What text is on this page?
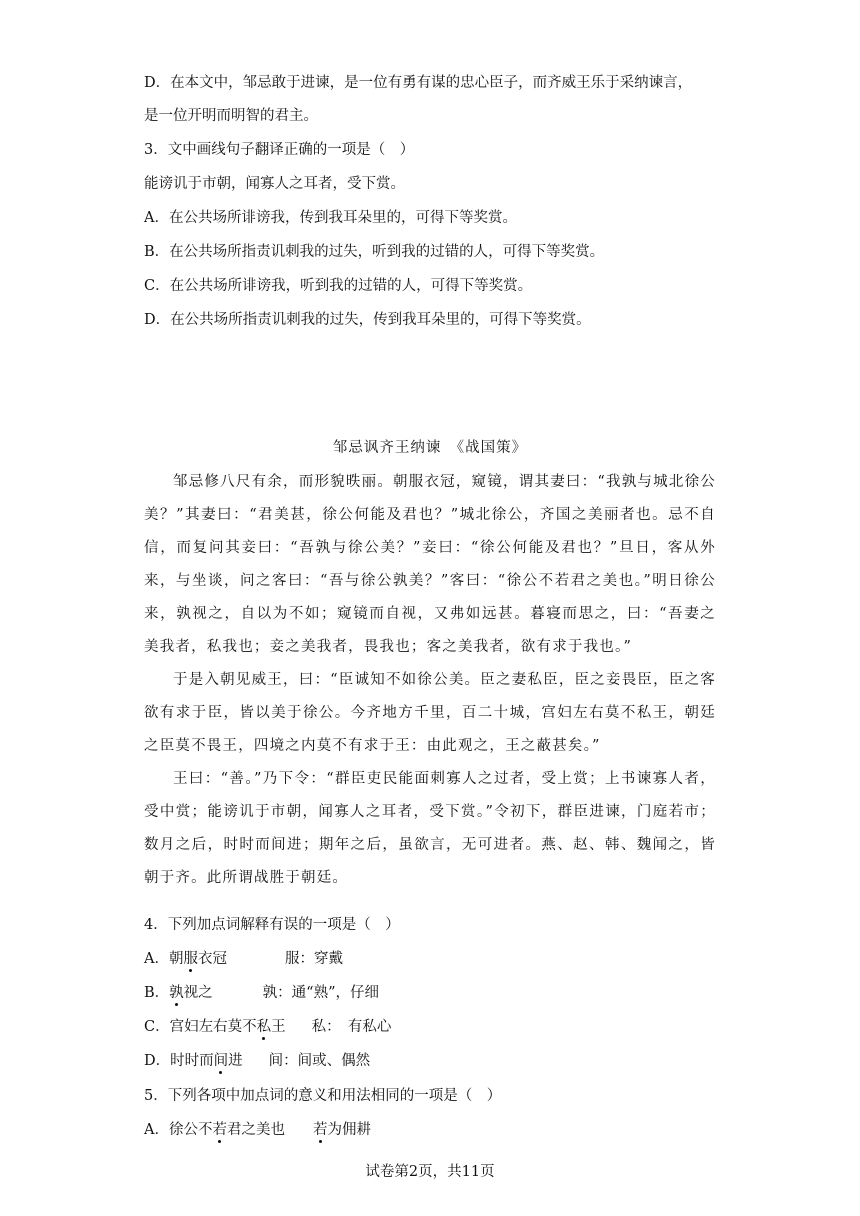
D．在本文中，邹忌敢于进谏，是一位有勇有谋的忠心臣子，而齐威王乐于采纳谏言，
是一位开明而明智的君主。
3．文中画线句子翻译正确的一项是（　）
能谤讥于市朝，闻寡人之耳者，受下赏。
A．在公共场所诽谤我，传到我耳朵里的，可得下等奖赏。
B．在公共场所指责讥刺我的过失，听到我的过错的人，可得下等奖赏。
C．在公共场所诽谤我，听到我的过错的人，可得下等奖赏。
D．在公共场所指责讥刺我的过失，传到我耳朵里的，可得下等奖赏。
邹忌讽齐王纳谏　《战国策》

邹忌修八尺有余，而形貌昳丽。朝服衣冠，窥镜，谓其妻曰：“我孰与城北徐公美？”其妻曰：“君美甚，徐公何能及君也？”城北徐公，齐国之美丽者也。忌不自信，而复问其妾曰：“吾孰与徐公美？”妾曰：“徐公何能及君也？”旦日，客从外来，与坐谈，问之客曰：“吾与徐公孰美？”客曰：“徐公不若君之美也。”明日徐公来，孰视之，自以为不如；窥镜而自视，又弗如远甚。暮寝而思之，曰：“吾妻之美我者，私我也；妾之美我者，畏我也；客之美我者，欲有求于我也。”

于是入朝见威王，曰：“臣诚知不如徐公美。臣之妻私臣，臣之妾畏臣，臣之客欲有求于臣，皆以美于徐公。今齐地方千里，百二十城，宫妇左右莫不私王，朝廷之臣莫不畏王，四境之内莫不有求于王：由此观之，王之蔽甚矣。”

王曰：“善。”乃下令：“群臣吏民能面刺寡人之过者，受上赏；上书谏寡人者，受中赏；能谤讥于市朝，闻寡人之耳者，受下赏。”令初下，群臣进谏，门庭若市；数月之后，时时而间进；期年之后，虽欲言，无可进者。燕、赵、韩、魏闻之，皆朝于齐。此所谓战胜于朝廷。

4．下列加点词解释有误的一项是（　）
A．朝服衣冠	服：穿戴
B．孰视之	孰：通“熟”，仔细
C．宫妇左右莫不私王 私：　有私心
D．时时而间进 间：间或、偶然
5．下列各项中加点词的意义和用法相同的一项是（　）
A．徐公不若君之美也 若为佣耕
试卷第2页，共11页
